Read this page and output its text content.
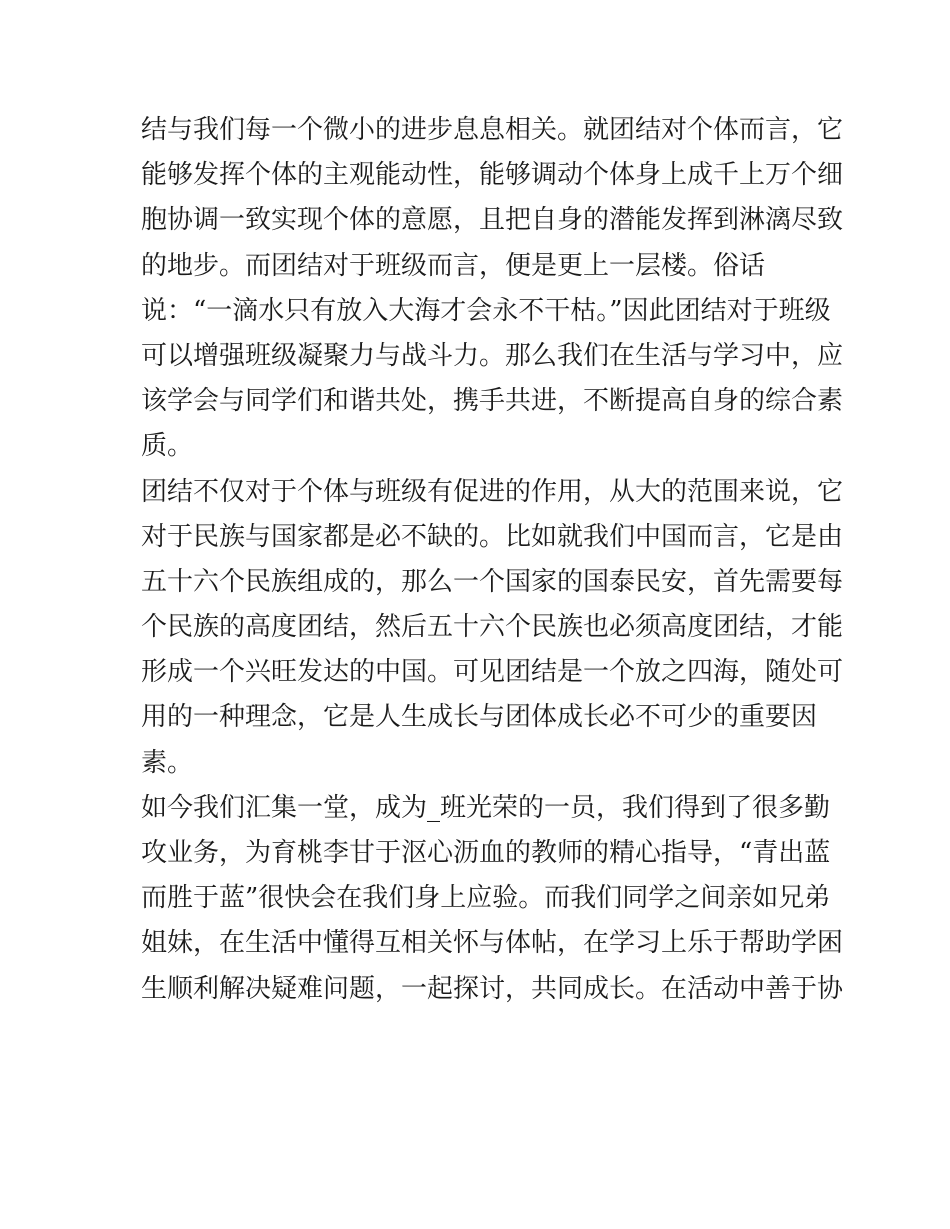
结与我们每一个微小的进步息息相关。就团结对个体而言，它
能够发挥个体的主观能动性，能够调动个体身上成千上万个细
胞协调一致实现个体的意愿，且把自身的潜能发挥到淋漓尽致
的地步。而团结对于班级而言，便是更上一层楼。俗话
说：“一滴水只有放入大海才会永不干枯。”因此团结对于班级
可以增强班级凝聚力与战斗力。那么我们在生活与学习中，应
该学会与同学们和谐共处，携手共进，不断提高自身的综合素
质。
团结不仅对于个体与班级有促进的作用，从大的范围来说，它
对于民族与国家都是必不缺的。比如就我们中国而言，它是由
五十六个民族组成的，那么一个国家的国泰民安，首先需要每
个民族的高度团结，然后五十六个民族也必须高度团结，才能
形成一个兴旺发达的中国。可见团结是一个放之四海，随处可
用的一种理念，它是人生成长与团体成长必不可少的重要因
素。
如今我们汇集一堂，成为_班光荣的一员，我们得到了很多勤
攻业务，为育桃李甘于沤心沥血的教师的精心指导，“青出蓝
而胜于蓝”很快会在我们身上应验。而我们同学之间亲如兄弟
姐妹，在生活中懂得互相关怀与体帖，在学习上乐于帮助学困
生顺利解决疑难问题，一起探讨，共同成长。在活动中善于协
